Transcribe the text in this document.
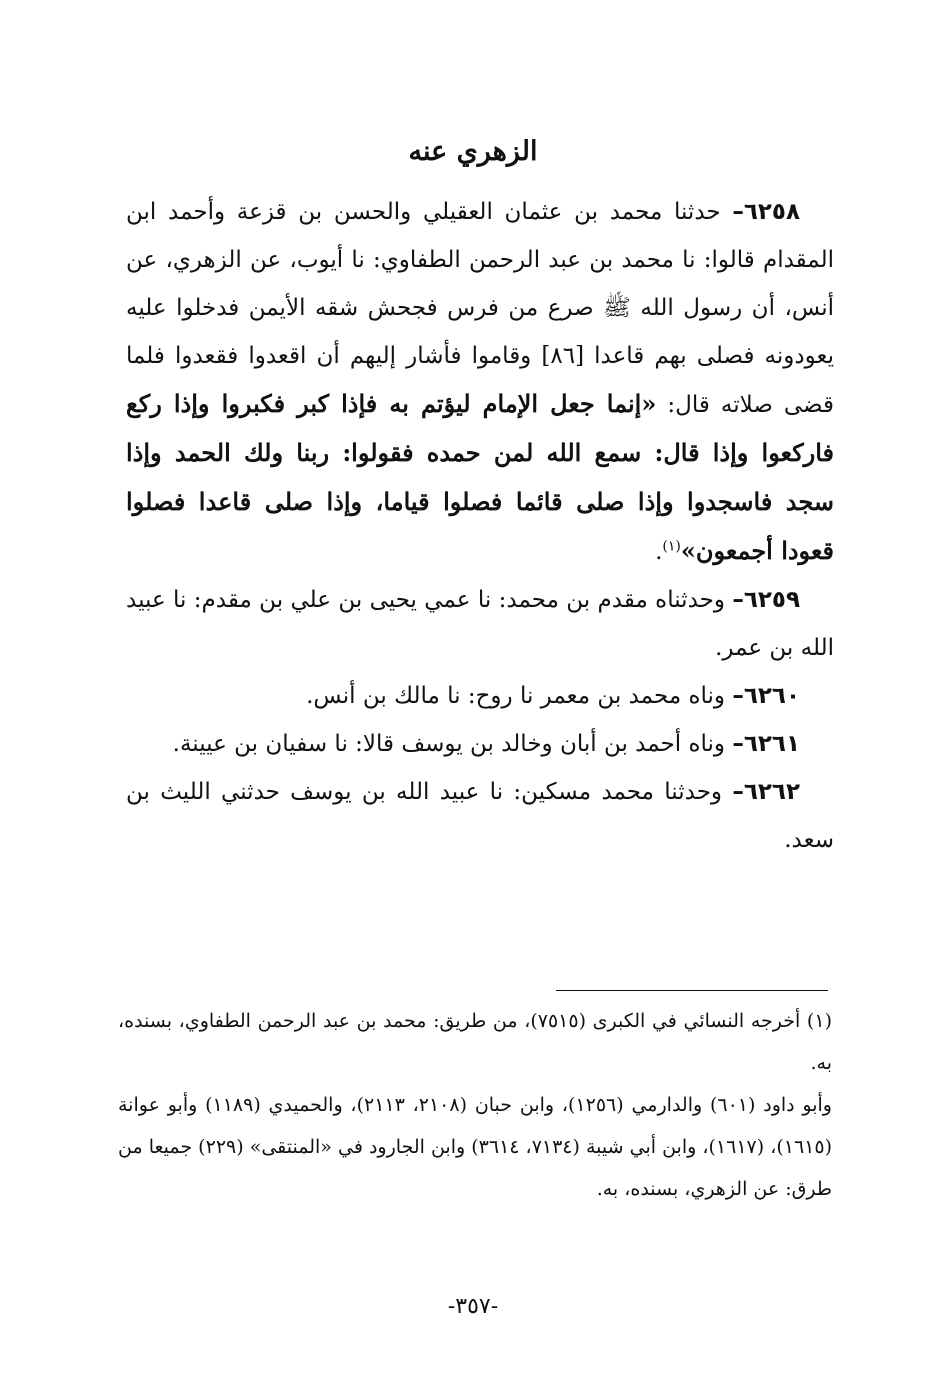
الزهري عنه

٦٢٥٨– حدثنا محمد بن عثمان العقيلي والحسن بن قزعة وأحمد ابن المقدام قالوا: نا محمد بن عبد الرحمن الطفاوي: نا أيوب، عن الزهري، عن أنس، أن رسول الله ﷺ صرع من فرس فجحش شقه الأيمن فدخلوا عليه يعودونه فصلى بهم قاعدا [٨٦] وقاموا فأشار إليهم أن اقعدوا فقعدوا فلما قضى صلاته قال: «إنما جعل الإمام ليؤتم به فإذا كبر فكبروا وإذا ركع فاركعوا وإذا قال: سمع الله لمن حمده فقولوا: ربنا ولك الحمد وإذا سجد فاسجدوا وإذا صلى قائما فصلوا قياما، وإذا صلى قاعدا فصلوا قعودا أجمعون»$^{(١)}$.

٦٢٥٩– وحدثناه مقدم بن محمد: نا عمي يحيى بن علي بن مقدم: نا عبيد الله بن عمر.

٦٢٦٠– وناه محمد بن معمر نا روح: نا مالك بن أنس.

٦٢٦١– وناه أحمد بن أبان وخالد بن يوسف قالا: نا سفيان بن عيينة.

٦٢٦٢– وحدثنا محمد مسكين: نا عبيد الله بن يوسف حدثني الليث بن سعد.

(١) أخرجه النسائي في الكبرى (٧٥١٥)، من طريق: محمد بن عبد الرحمن الطفاوي، بسنده، به.

وأبو داود (٦٠١) والدارمي (١٢٥٦)، وابن حبان (٢١٠٨، ٢١١٣)، والحميدي (١١٨٩) وأبو عوانة (١٦١٥)، (١٦١٧)، وابن أبي شيبة (٧١٣٤، ٣٦١٤) وابن الجارود في «المنتقى» (٢٢٩) جميعا من طرق: عن الزهري، بسنده، به.

-٣٥٧-
